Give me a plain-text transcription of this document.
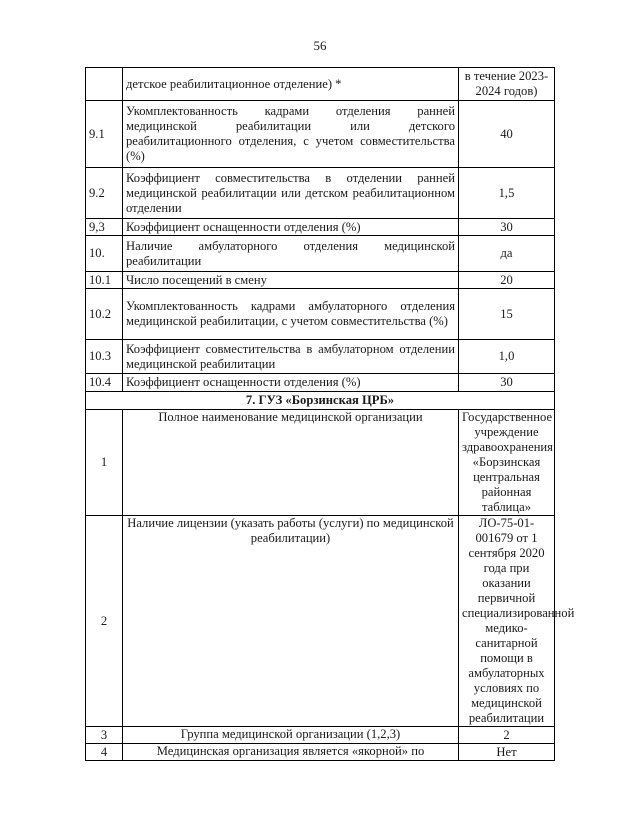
56
	детское реабилитационное отделение) *	в течение 2023-2024 годов)
9.1	Укомплектованность кадрами отделения ранней медицинской реабилитации или детского реабилитационного отделения, с учетом совместительства (%)	40
9.2	Коэффициент совместительства в отделении ранней медицинской реабилитации или детском реабилитационном отделении	1,5
9,3	Коэффициент оснащенности отделения (%)	30
10.	Наличие амбулаторного отделения медицинской реабилитации	да
10.1	Число посещений в смену	20
10.2	Укомплектованность кадрами амбулаторного отделения медицинской реабилитации, с учетом совместительства (%)	15
10.3	Коэффициент совместительства в амбулаторном отделении медицинской реабилитации	1,0
10.4	Коэффициент оснащенности отделения (%)	30
7. ГУЗ «Борзинская ЦРБ»		
1	Полное наименование медицинской организации	Государственное учреждение здравоохранения «Борзинская центральная районная таблица»
2	Наличие лицензии (указать работы (услуги) по медицинской реабилитации)	ЛО-75-01-001679 от 1 сентября 2020 года при оказании первичной специализированной медико-санитарной помощи в амбулаторных условиях по медицинской реабилитации
3	Группа медицинской организации (1,2,3)	2
4	Медицинская организация является «якорной» по	Нет
